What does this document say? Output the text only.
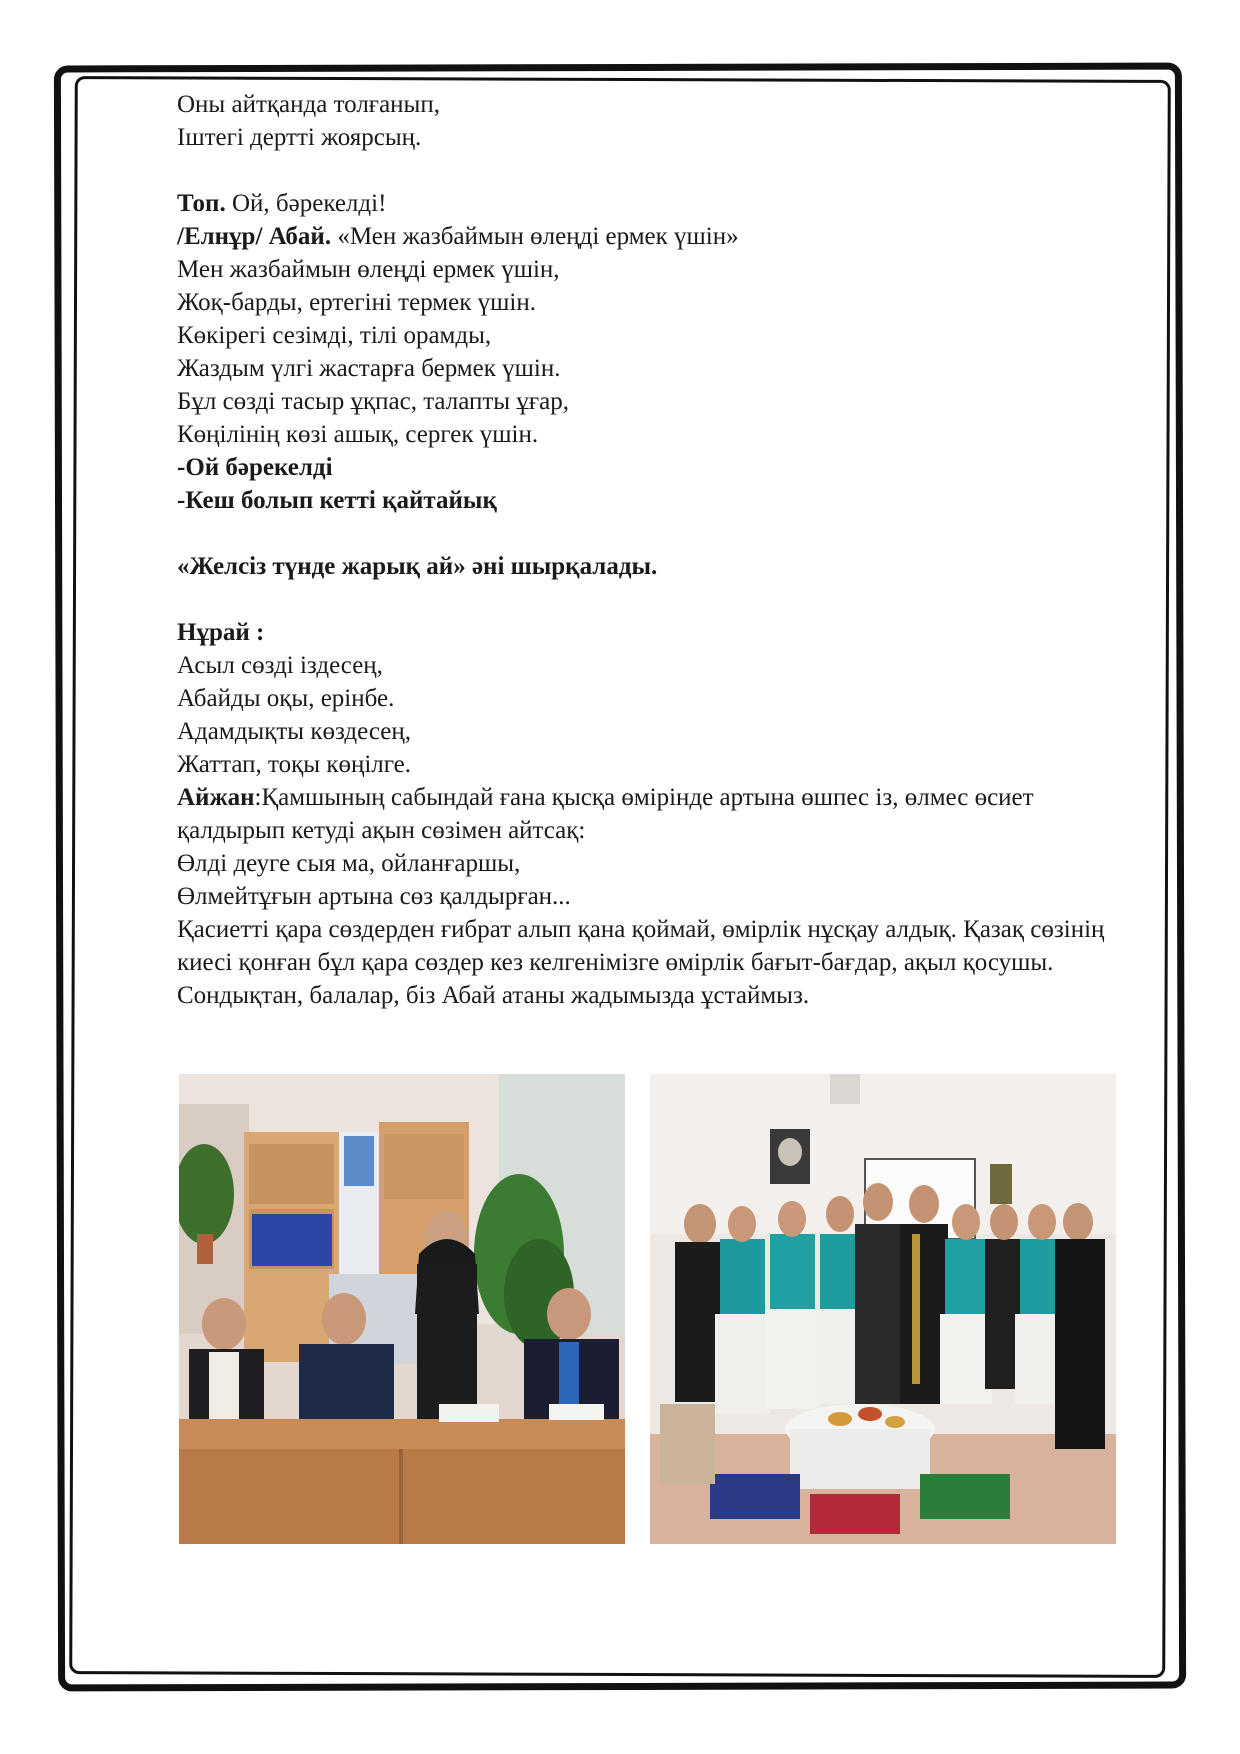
Оны айтқанда толғанып,
Іштегі дертті жоярсың.
Топ. Ой, бәрекелді!
/Елнұр/ Абай. «Мен жазбаймын өлеңді ермек үшін»
Мен жазбаймын өлеңді ермек үшін,
Жоқ-барды, ертегіні термек үшін.
Көкірегі сезімді, тілі орамды,
Жаздым үлгі жастарға бермек үшін.
Бұл сөзді тасыр ұқпас, талапты ұғар,
Көңілінің көзі ашық, сергек үшін.
-Ой бәрекелді
-Кеш болып кетті қайтайық
«Желсіз түнде жарық ай» әні шырқалады.
Нұрай :
Асыл сөзді іздесең,
Абайды оқы, ерінбе.
Адамдықты көздесең,
Жаттап, тоқы көңілге.
Айжан:Қамшының сабындай ғана қысқа өмірінде артына өшпес із, өлмес өсиет қалдырып кетуді ақын сөзімен айтсақ:
Өлді деуге сыя ма, ойланғаршы,
Өлмейтұғын артына сөз қалдырған...
Қасиетті қара сөздерден ғибрат алып қана қоймай, өмірлік нұсқау алдық. Қазақ сөзінің киесі қонған бұл қара сөздер кез келгенімізге өмірлік бағыт-бағдар, ақыл қосушы. Сондықтан, балалар, біз Абай атаны жадымызда ұстаймыз.
